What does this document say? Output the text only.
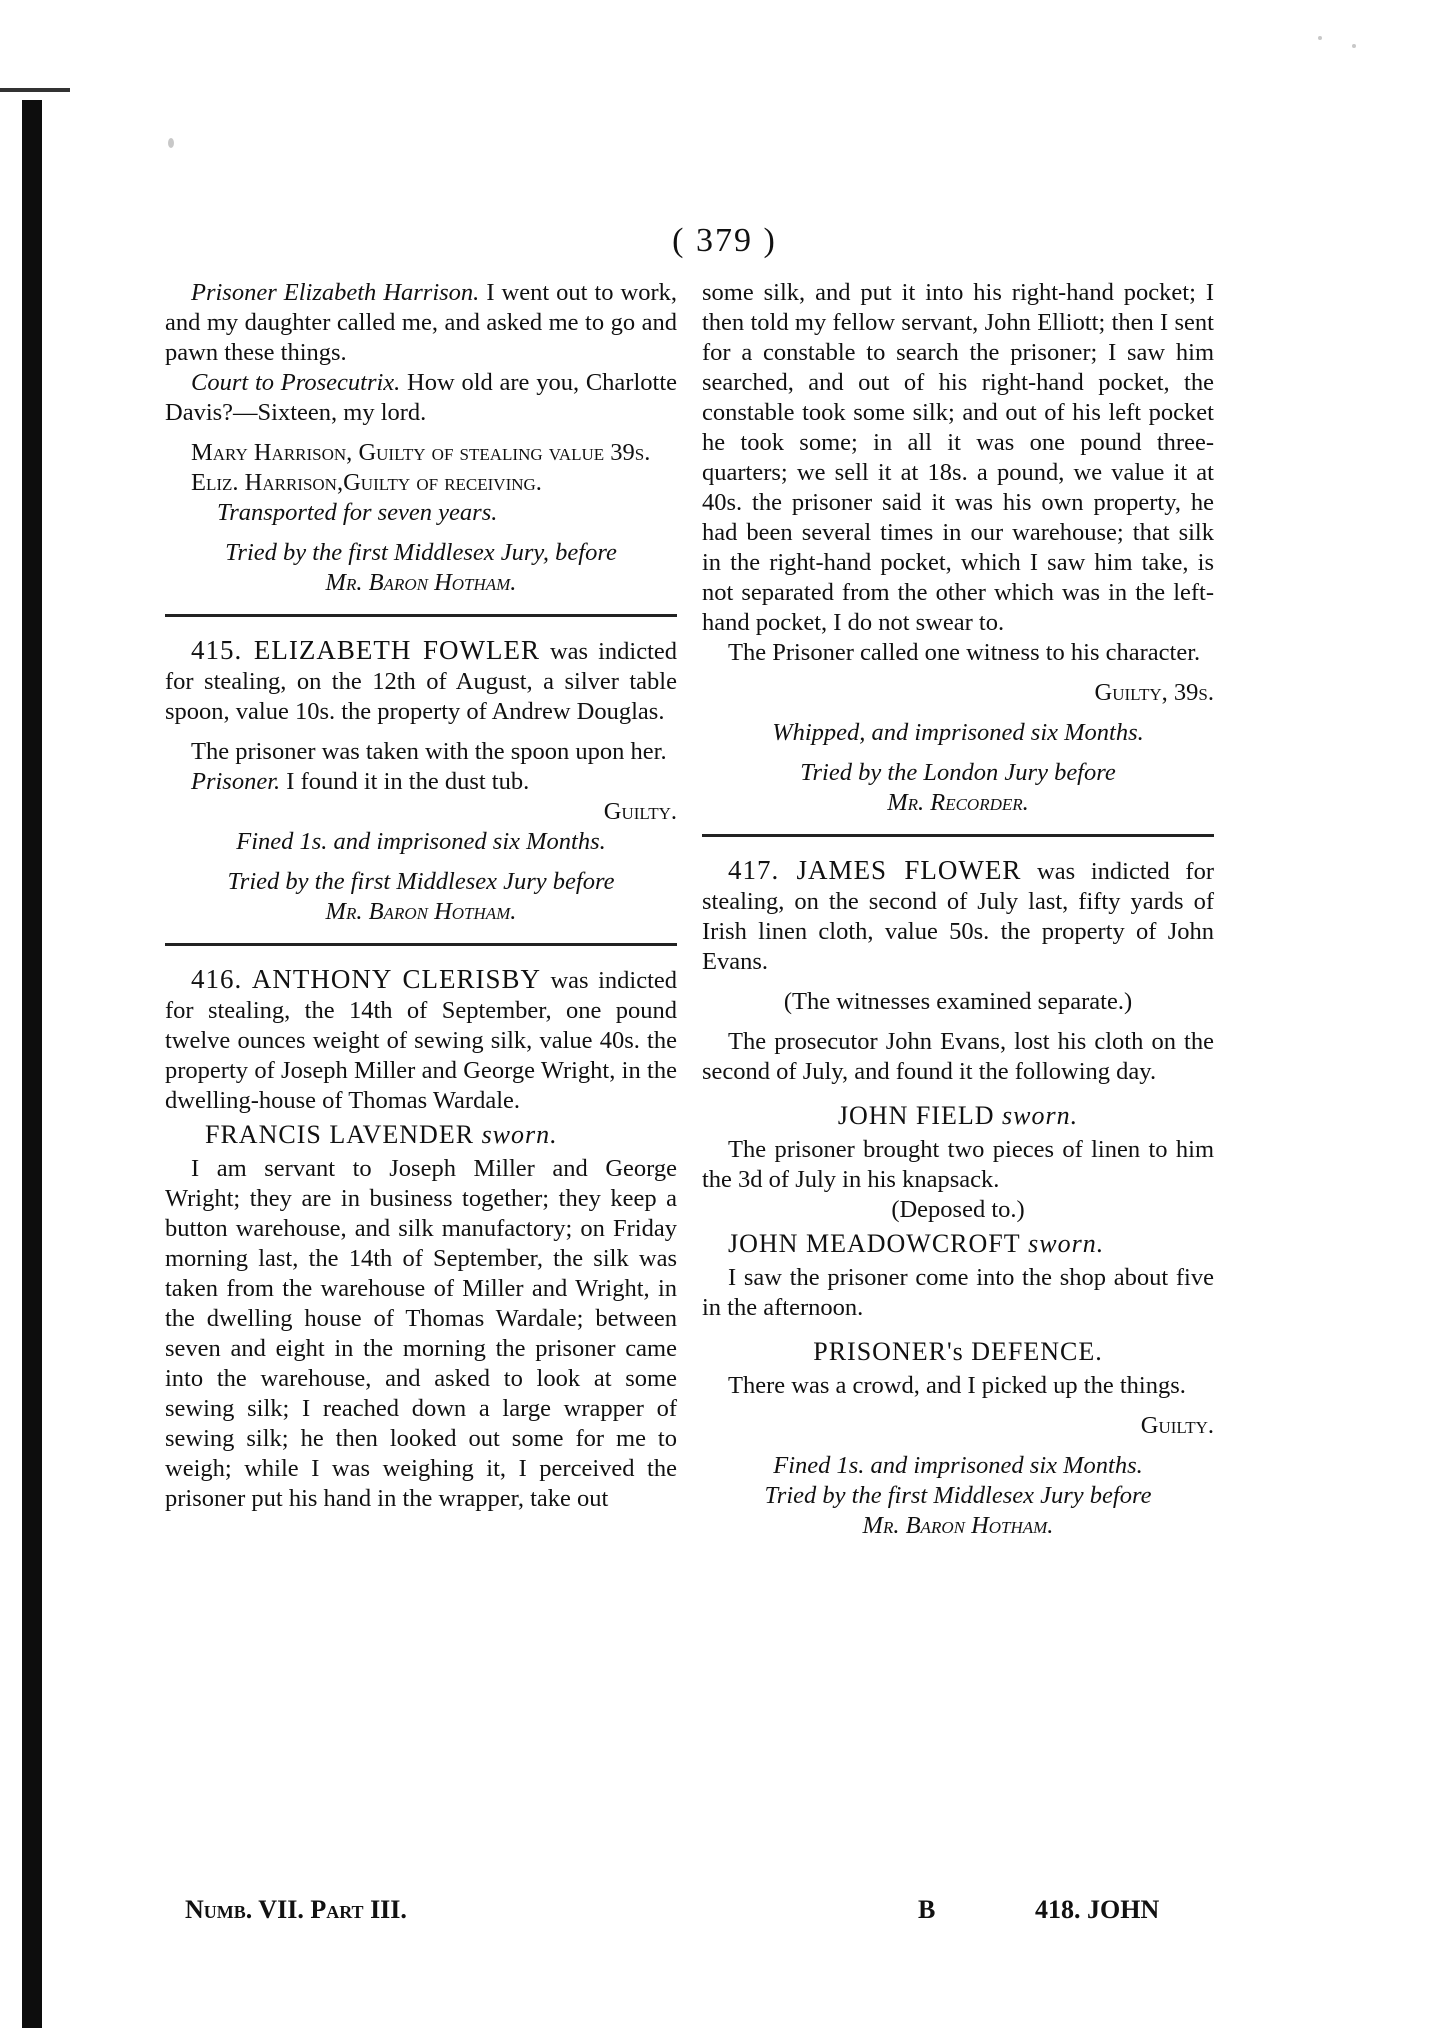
( 379 )

Prisoner Elizabeth Harrison. I went out to work, and my daughter called me, and asked me to go and pawn these things.

Court to Prosecutrix. How old are you, Charlotte Davis?—Sixteen, my lord.

Mary Harrison, Guilty of stealing value 39s.

Eliz. Harrison,Guilty of receiving.

Transported for seven years.

Tried by the first Middlesex Jury, before

Mr. Baron Hotham.

415. ELIZABETH FOWLER was indicted for stealing, on the 12th of August, a silver table spoon, value 10s. the property of Andrew Douglas.

The prisoner was taken with the spoon upon her.

Prisoner. I found it in the dust tub.

Guilty.

Fined 1s. and imprisoned six Months.

Tried by the first Middlesex Jury before

Mr. Baron Hotham.

416. ANTHONY CLERISBY was indicted for stealing, the 14th of September, one pound twelve ounces weight of sewing silk, value 40s. the property of Joseph Miller and George Wright, in the dwelling-house of Thomas Wardale.

FRANCIS LAVENDER sworn.

I am servant to Joseph Miller and George Wright; they are in business together; they keep a button warehouse, and silk manufactory; on Friday morning last, the 14th of September, the silk was taken from the warehouse of Miller and Wright, in the dwelling house of Thomas Wardale; between seven and eight in the morning the prisoner came into the warehouse, and asked to look at some sewing silk; I reached down a large wrapper of sewing silk; he then looked out some for me to weigh; while I was weighing it, I perceived the prisoner put his hand in the wrapper, take out

some silk, and put it into his right-hand pocket; I then told my fellow servant, John Elliott; then I sent for a constable to search the prisoner; I saw him searched, and out of his right-hand pocket, the constable took some silk; and out of his left pocket he took some; in all it was one pound three-quarters; we sell it at 18s. a pound, we value it at 40s. the prisoner said it was his own property, he had been several times in our warehouse; that silk in the right-hand pocket, which I saw him take, is not separated from the other which was in the left-hand pocket, I do not swear to.

The Prisoner called one witness to his character.

Guilty, 39s.

Whipped, and imprisoned six Months.

Tried by the London Jury before

Mr. Recorder.

417. JAMES FLOWER was indicted for stealing, on the second of July last, fifty yards of Irish linen cloth, value 50s. the property of John Evans.

(The witnesses examined separate.)

The prosecutor John Evans, lost his cloth on the second of July, and found it the following day.

JOHN FIELD sworn.

The prisoner brought two pieces of linen to him the 3d of July in his knapsack.

(Deposed to.)

JOHN MEADOWCROFT sworn.

I saw the prisoner come into the shop about five in the afternoon.

PRISONER's DEFENCE.

There was a crowd, and I picked up the things.

Guilty.

Fined 1s. and imprisoned six Months.

Tried by the first Middlesex Jury before

Mr. Baron Hotham.

Numb. VII. Part III.	B	418. JOHN
